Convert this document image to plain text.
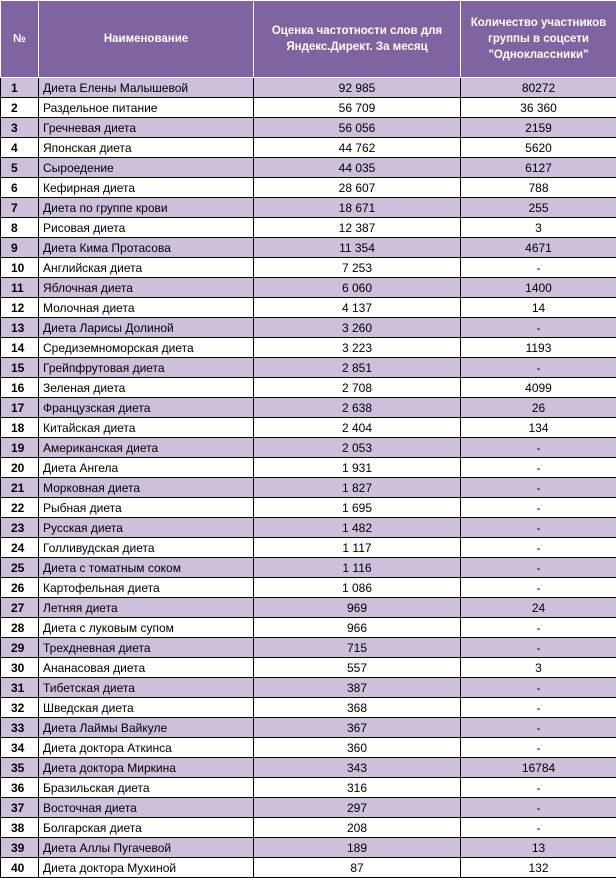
№	Наименование	Оценка частотности слов для Яндекс.Директ. За месяц	Количество участников группы в соцсети "Одноклассники"
1	Диета Елены Малышевой	92 985	80272
2	Раздельное питание	56 709	36 360
3	Гречневая диета	56 056	2159
4	Японская диета	44 762	5620
5	Сыроедение	44 035	6127
6	Кефирная диета	28 607	788
7	Диета по группе крови	18 671	255
8	Рисовая диета	12 387	3
9	Диета Кима Протасова	11 354	4671
10	Английская диета	7 253	-
11	Яблочная диета	6 060	1400
12	Молочная диета	4 137	14
13	Диета Ларисы Долиной	3 260	-
14	Средиземноморская диета	3 223	1193
15	Грейпфрутовая диета	2 851	-
16	Зеленая диета	2 708	4099
17	Французская диета	2 638	26
18	Китайская диета	2 404	134
19	Американская диета	2 053	-
20	Диета Ангела	1 931	-
21	Морковная диета	1 827	-
22	Рыбная диета	1 695	-
23	Русская диета	1 482	-
24	Голливудская диета	1 117	-
25	Диета с томатным соком	1 116	-
26	Картофельная диета	1 086	-
27	Летняя диета	969	24
28	Диета с луковым супом	966	-
29	Трехдневная диета	715	-
30	Ананасовая диета	557	3
31	Тибетская диета	387	-
32	Шведская диета	368	-
33	Диета Лаймы Вайкуле	367	-
34	Диета доктора Аткинса	360	-
35	Диета доктора Миркина	343	16784
36	Бразильская диета	316	-
37	Восточная диета	297	-
38	Болгарская диета	208	-
39	Диета Аллы Пугачевой	189	13
40	Диета доктора Мухиной	87	132
